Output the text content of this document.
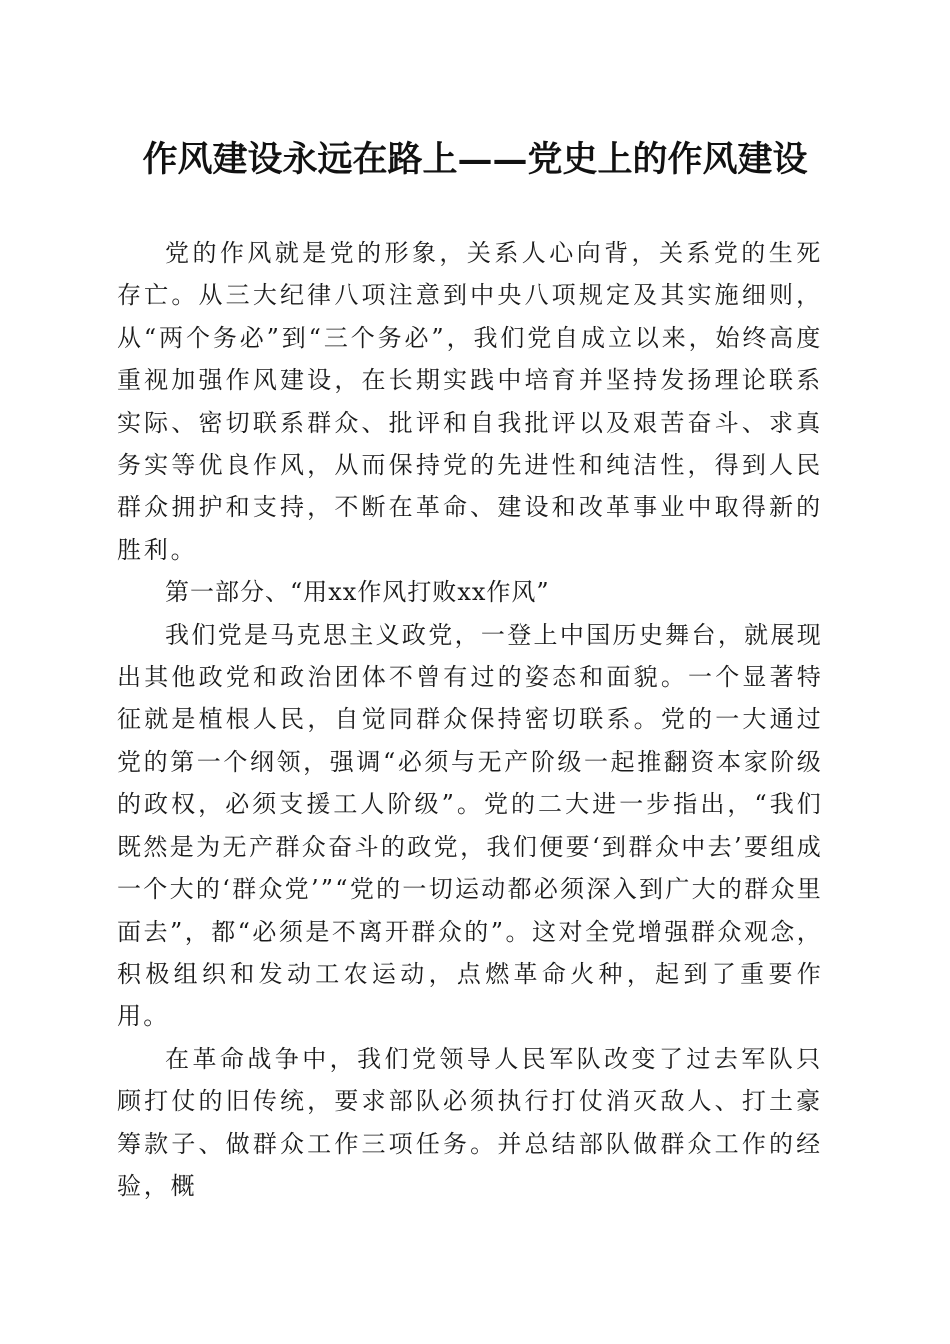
作风建设永远在路上——党史上的作风建设

党的作风就是党的形象，关系人心向背，关系党的生死存亡。从三大纪律八项注意到中央八项规定及其实施细则，从“两个务必”到“三个务必”，我们党自成立以来，始终高度重视加强作风建设，在长期实践中培育并坚持发扬理论联系实际、密切联系群众、批评和自我批评以及艰苦奋斗、求真务实等优良作风，从而保持党的先进性和纯洁性，得到人民群众拥护和支持，不断在革命、建设和改革事业中取得新的胜利。

第一部分、“用xx作风打败xx作风”

我们党是马克思主义政党，一登上中国历史舞台，就展现出其他政党和政治团体不曾有过的姿态和面貌。一个显著特征就是植根人民，自觉同群众保持密切联系。党的一大通过党的第一个纲领，强调“必须与无产阶级一起推翻资本家阶级的政权，必须支援工人阶级”。党的二大进一步指出，“我们既然是为无产群众奋斗的政党，我们便要‘到群众中去’要组成一个大的‘群众党’”“党的一切运动都必须深入到广大的群众里面去”，都“必须是不离开群众的”。这对全党增强群众观念，积极组织和发动工农运动，点燃革命火种，起到了重要作用。

在革命战争中，我们党领导人民军队改变了过去军队只顾打仗的旧传统，要求部队必须执行打仗消灭敌人、打土豪筹款子、做群众工作三项任务。并总结部队做群众工作的经验，概
